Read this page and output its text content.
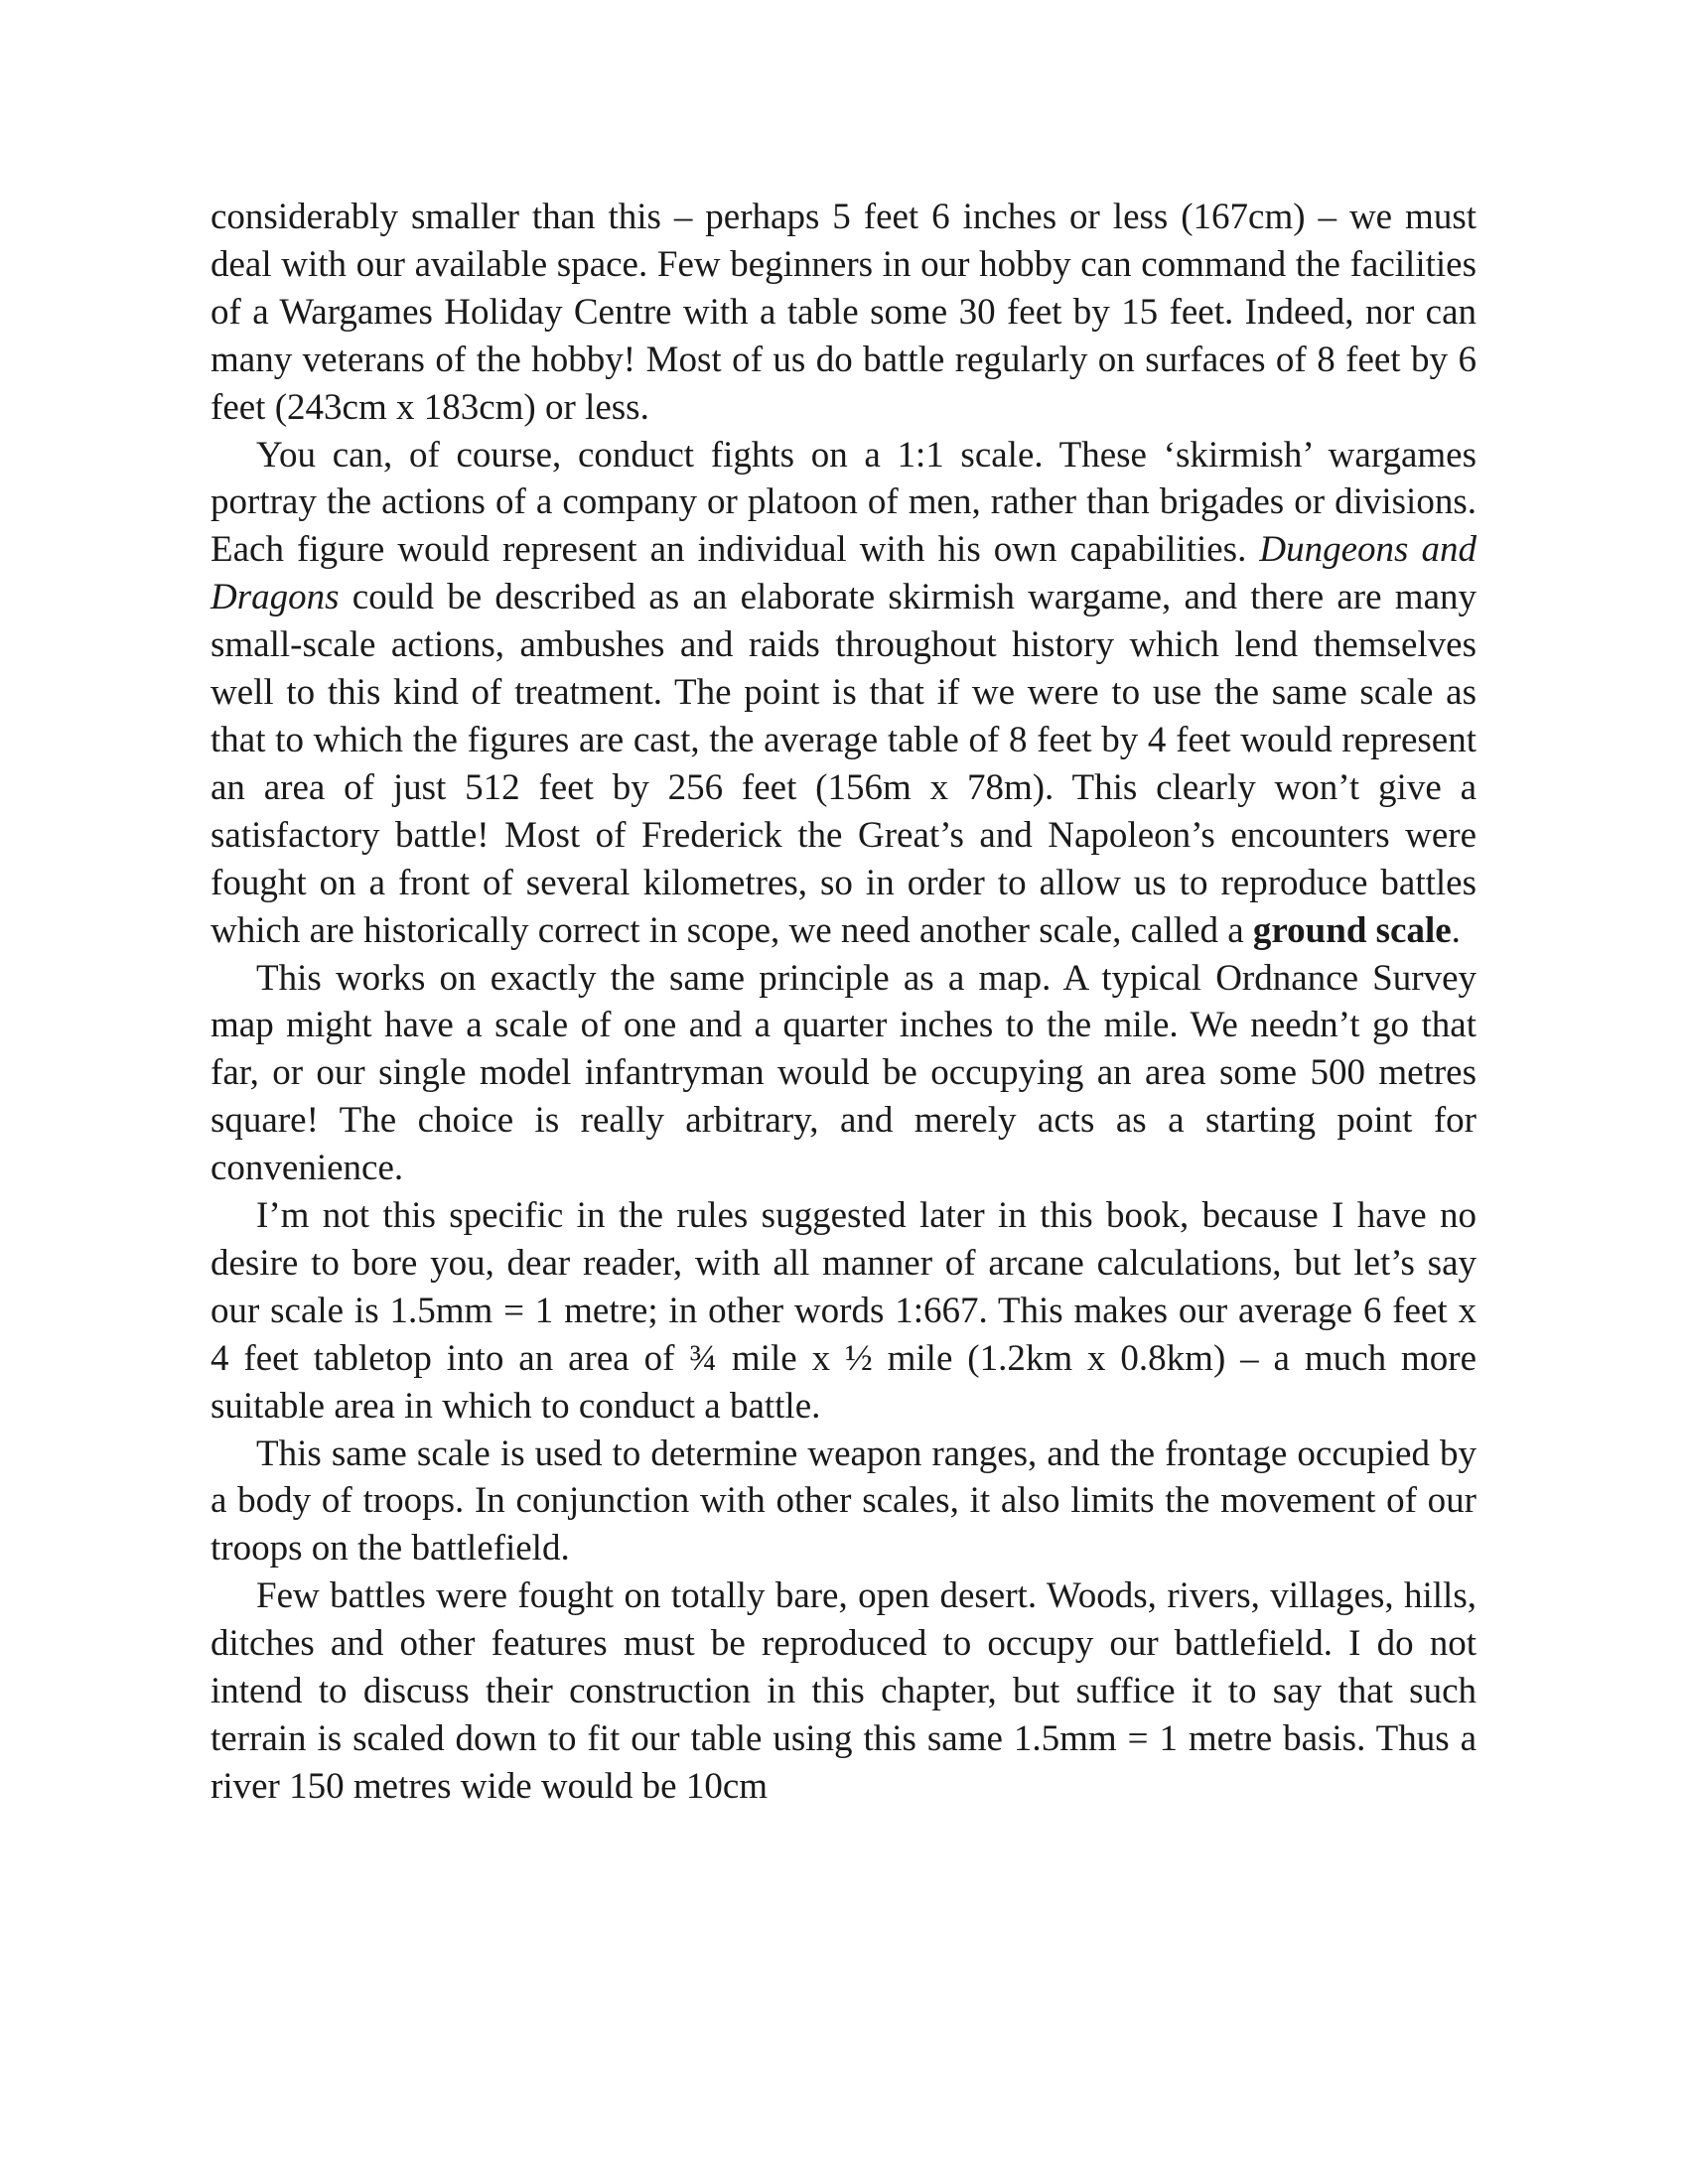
considerably smaller than this – perhaps 5 feet 6 inches or less (167cm) – we must deal with our available space. Few beginners in our hobby can command the facilities of a Wargames Holiday Centre with a table some 30 feet by 15 feet. Indeed, nor can many veterans of the hobby! Most of us do battle regularly on surfaces of 8 feet by 6 feet (243cm x 183cm) or less.

You can, of course, conduct fights on a 1:1 scale. These ‘skirmish’ wargames portray the actions of a company or platoon of men, rather than brigades or divisions. Each figure would represent an individual with his own capabilities. Dungeons and Dragons could be described as an elaborate skirmish wargame, and there are many small-scale actions, ambushes and raids throughout history which lend themselves well to this kind of treatment. The point is that if we were to use the same scale as that to which the figures are cast, the average table of 8 feet by 4 feet would represent an area of just 512 feet by 256 feet (156m x 78m). This clearly won’t give a satisfactory battle! Most of Frederick the Great’s and Napoleon’s encounters were fought on a front of several kilometres, so in order to allow us to reproduce battles which are historically correct in scope, we need another scale, called a ground scale.

This works on exactly the same principle as a map. A typical Ordnance Survey map might have a scale of one and a quarter inches to the mile. We needn’t go that far, or our single model infantryman would be occupying an area some 500 metres square! The choice is really arbitrary, and merely acts as a starting point for convenience.

I’m not this specific in the rules suggested later in this book, because I have no desire to bore you, dear reader, with all manner of arcane calculations, but let’s say our scale is 1.5mm = 1 metre; in other words 1:667. This makes our average 6 feet x 4 feet tabletop into an area of ¾ mile x ½ mile (1.2km x 0.8km) – a much more suitable area in which to conduct a battle.

This same scale is used to determine weapon ranges, and the frontage occupied by a body of troops. In conjunction with other scales, it also limits the movement of our troops on the battlefield.

Few battles were fought on totally bare, open desert. Woods, rivers, villages, hills, ditches and other features must be reproduced to occupy our battlefield. I do not intend to discuss their construction in this chapter, but suffice it to say that such terrain is scaled down to fit our table using this same 1.5mm = 1 metre basis. Thus a river 150 metres wide would be 10cm
